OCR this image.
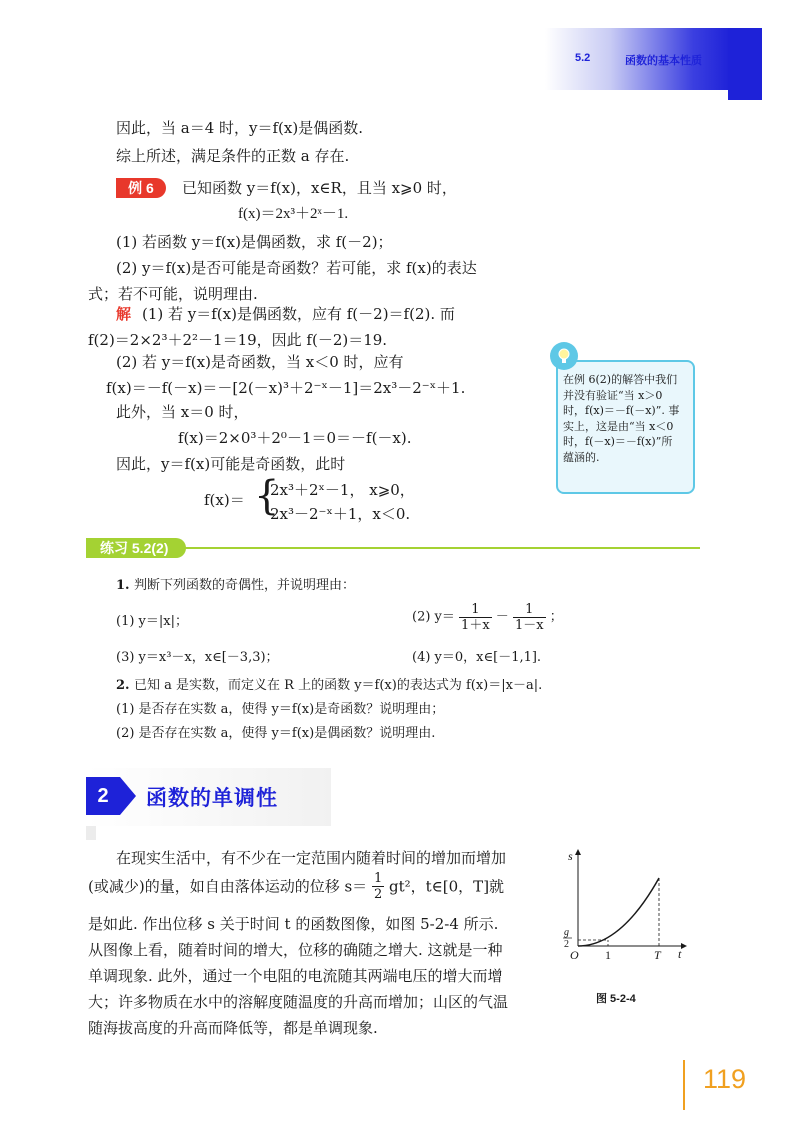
5.2	函数的基本性质
因此，当 a＝4 时，y＝f(x)是偶函数.
综上所述，满足条件的正数 a 存在.
例 6	已知函数 y＝f(x)，x∈R，且当 x⩾0 时，
f(x)＝2x³＋2ˣ－1.
(1) 若函数 y＝f(x)是偶函数，求 f(－2)；
(2) y＝f(x)是否可能是奇函数？若可能，求 f(x)的表达
式；若不可能，说明理由.
解 (1) 若 y＝f(x)是偶函数，应有 f(－2)＝f(2). 而
f(2)＝2×2³＋2²－1＝19，因此 f(－2)＝19.
(2) 若 y＝f(x)是奇函数，当 x＜0 时，应有
f(x)＝－f(－x)＝－[2(－x)³＋2⁻ˣ－1]＝2x³－2⁻ˣ＋1.
此外，当 x＝0 时，
f(x)＝2×0³＋2⁰－1＝0＝－f(－x).
因此，y＝f(x)可能是奇函数，此时
f(x)＝ {
2x³＋2ˣ－1， x⩾0，
2x³－2⁻ˣ＋1，x＜0.
在例 6(2)的解答中我们并没有验证“当 x＞0 时，f(x)＝－f(－x)”. 事实上，这是由“当 x＜0 时，f(－x)＝－f(x)”所蕴涵的.
练习 5.2(2)
1. 判断下列函数的奇偶性，并说明理由：
(1) y＝|x|；	(2) $y= \frac{1}{1+x} - \frac{1}{1-x}$ ；
(3) y＝x³－x，x∈[－3,3)；	(4) y＝0，x∈[－1,1].
2. 已知 a 是实数，而定义在 R 上的函数 y＝f(x)的表达式为 f(x)＝|x－a|.
(1) 是否存在实数 a，使得 y＝f(x)是奇函数？说明理由；
(2) 是否存在实数 a，使得 y＝f(x)是偶函数？说明理由.
2	函数的单调性
在现实生活中，有不少在一定范围内随着时间的增加而增加
(或减少)的量，如自由落体运动的位移 $s= \frac{1}{2} gt^2$，t∈[0，T]就
是如此. 作出位移 s 关于时间 t 的函数图像，如图 5-2-4 所示.
从图像上看，随着时间的增大，位移的确随之增大. 这就是一种
单调现象. 此外，通过一个电阻的电流随其两端电压的增大而增
大；许多物质在水中的溶解度随温度的升高而增加；山区的气温
随海拔高度的升高而降低等，都是单调现象.
s
t
O 1	T
g
2
图 5-2-4
119
